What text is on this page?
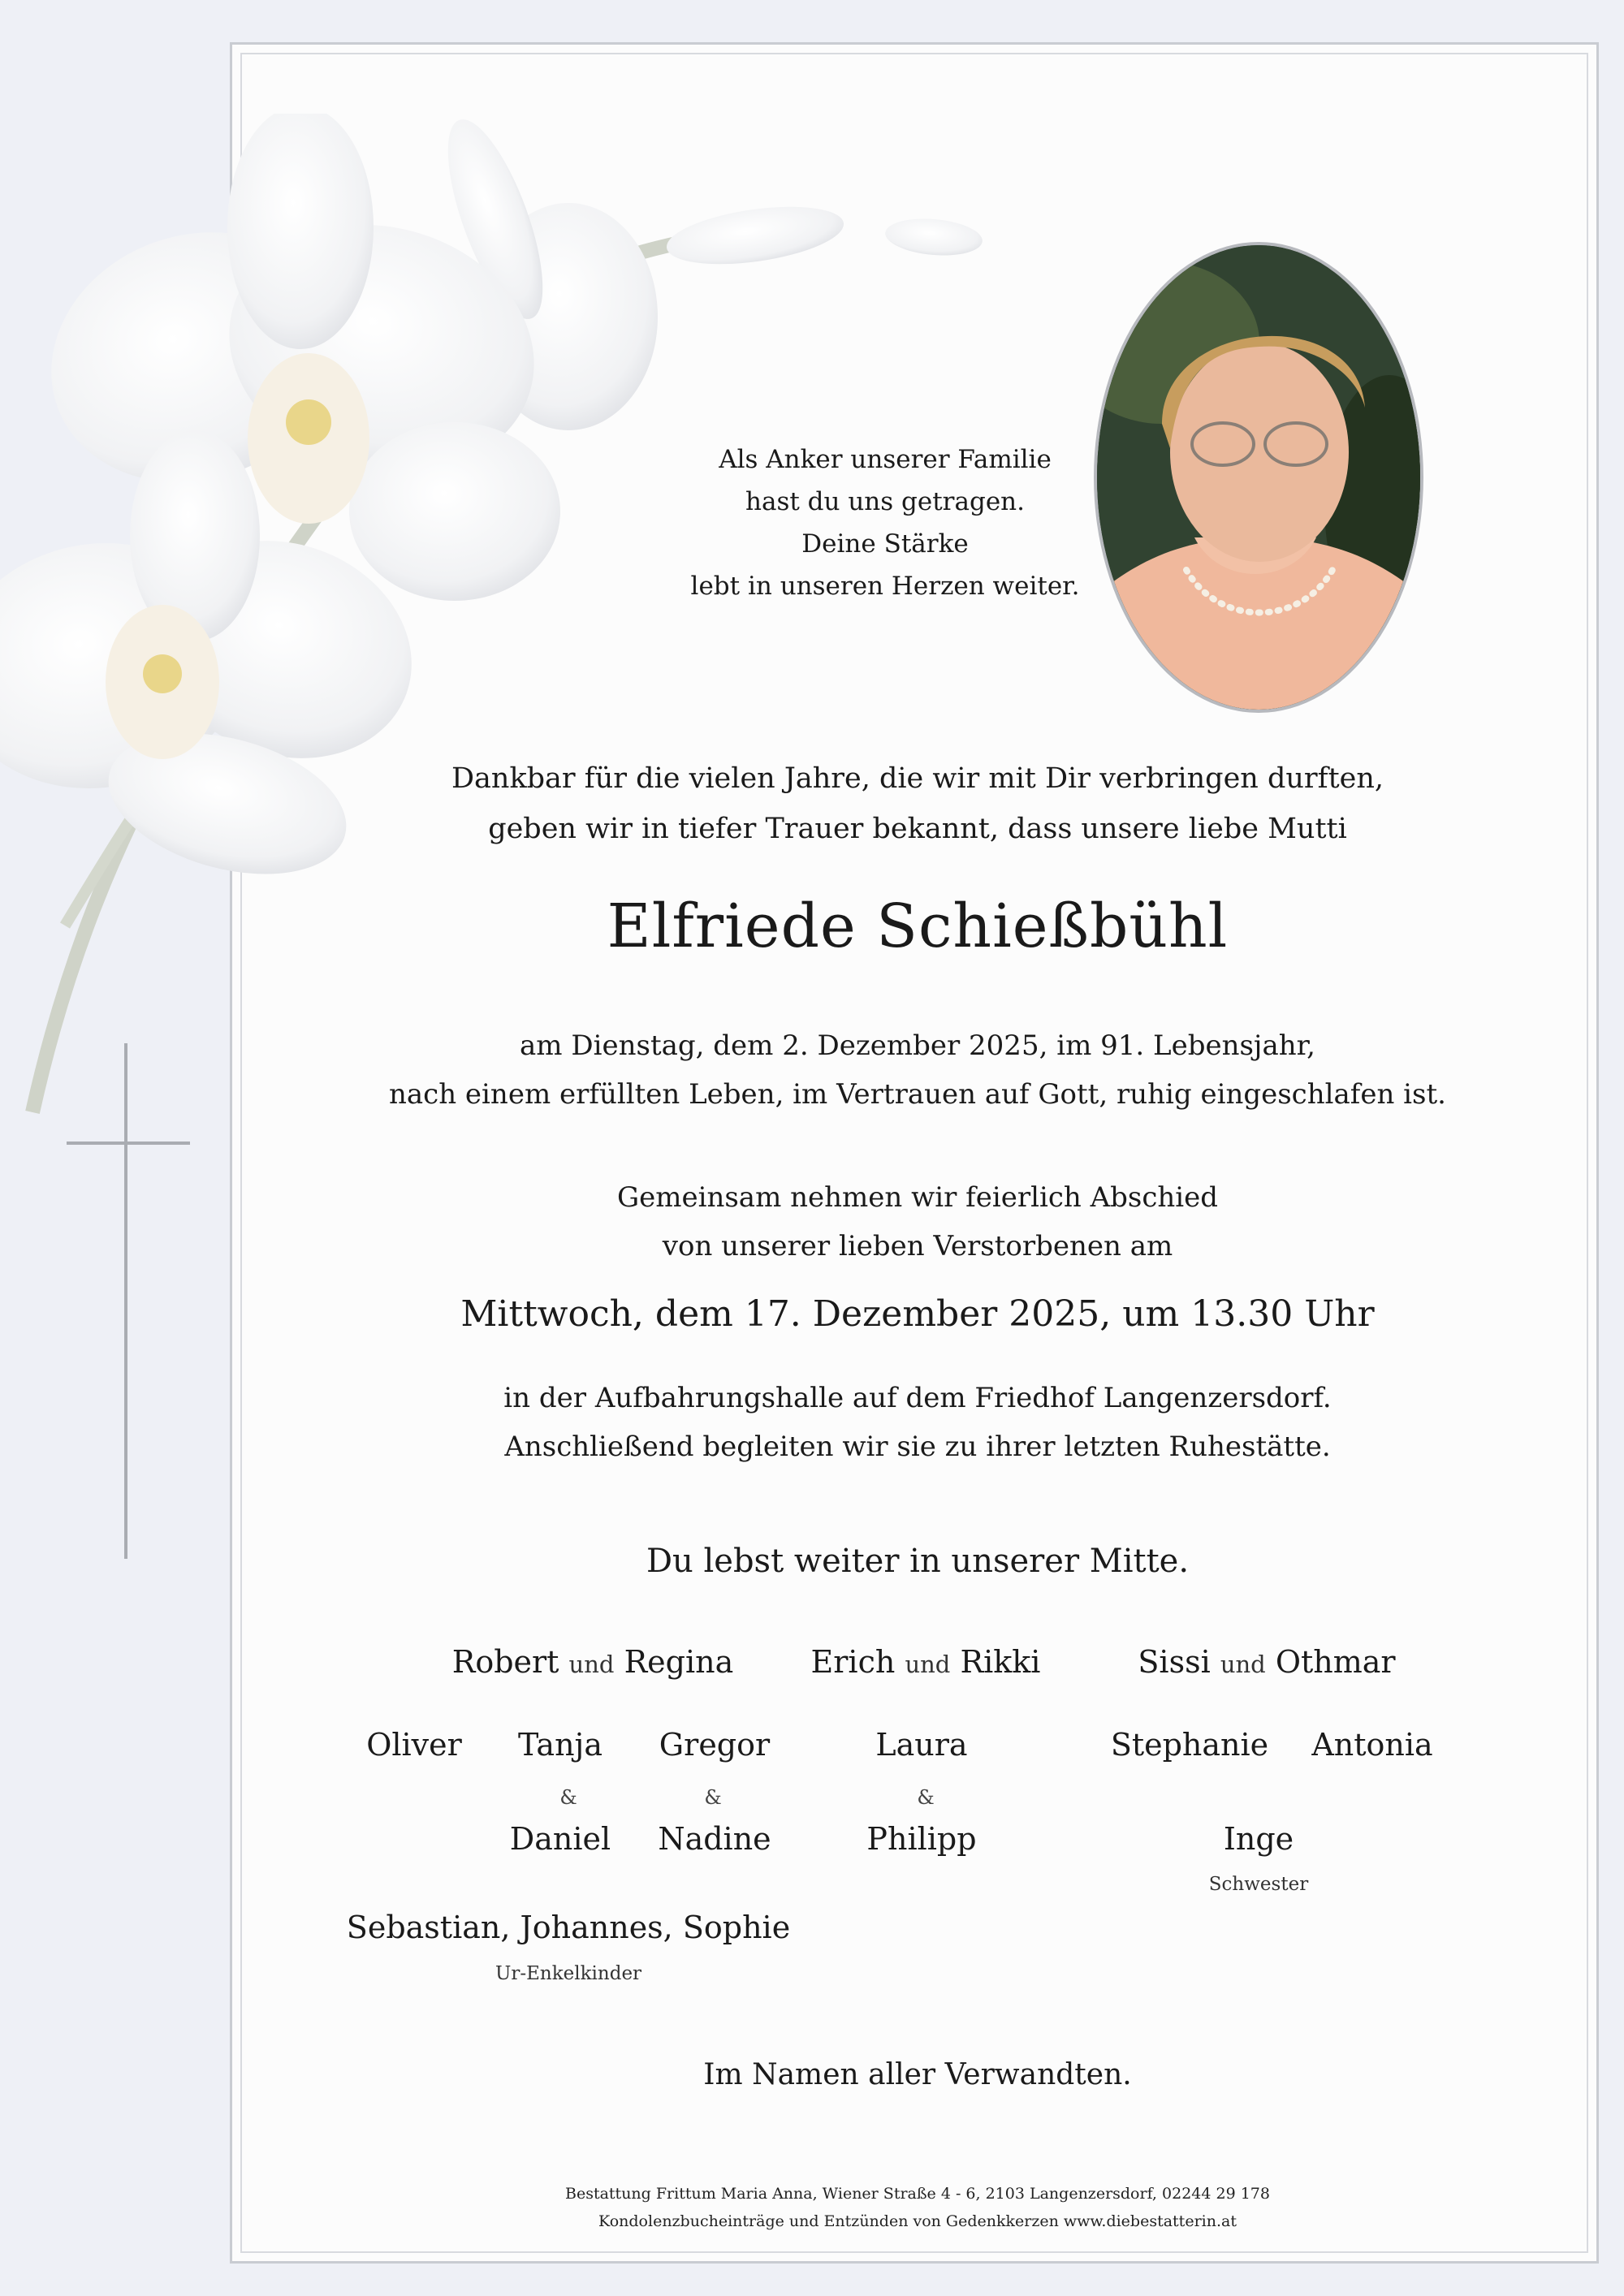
Als Anker unserer Familie
hast du uns getragen.
Deine Stärke
lebt in unseren Herzen weiter.
Dankbar für die vielen Jahre, die wir mit Dir verbringen durften,
geben wir in tiefer Trauer bekannt, dass unsere liebe Mutti
Elfriede Schießbühl
am Dienstag, dem 2. Dezember 2025, im 91. Lebensjahr,
nach einem erfüllten Leben, im Vertrauen auf Gott, ruhig eingeschlafen ist.
Gemeinsam nehmen wir feierlich Abschied
von unserer lieben Verstorbenen am
Mittwoch, dem 17. Dezember 2025, um 13.30 Uhr
in der Aufbahrungshalle auf dem Friedhof Langenzersdorf.
Anschließend begleiten wir sie zu ihrer letzten Ruhestätte.
Du lebst weiter in unserer Mitte.
Robert und Regina	Erich und Rikki	Sissi und Othmar
Oliver	Tanja	Gregor	Laura	Stephanie	Antonia
&	&	&
Daniel	Nadine	Philipp	Inge
Schwester
Sebastian, Johannes, Sophie
Ur-Enkelkinder
Im Namen aller Verwandten.
Bestattung Frittum Maria Anna, Wiener Straße 4 - 6, 2103 Langenzersdorf, 02244 29 178
Kondolenzbucheinträge und Entzünden von Gedenkkerzen www.diebestatterin.at
